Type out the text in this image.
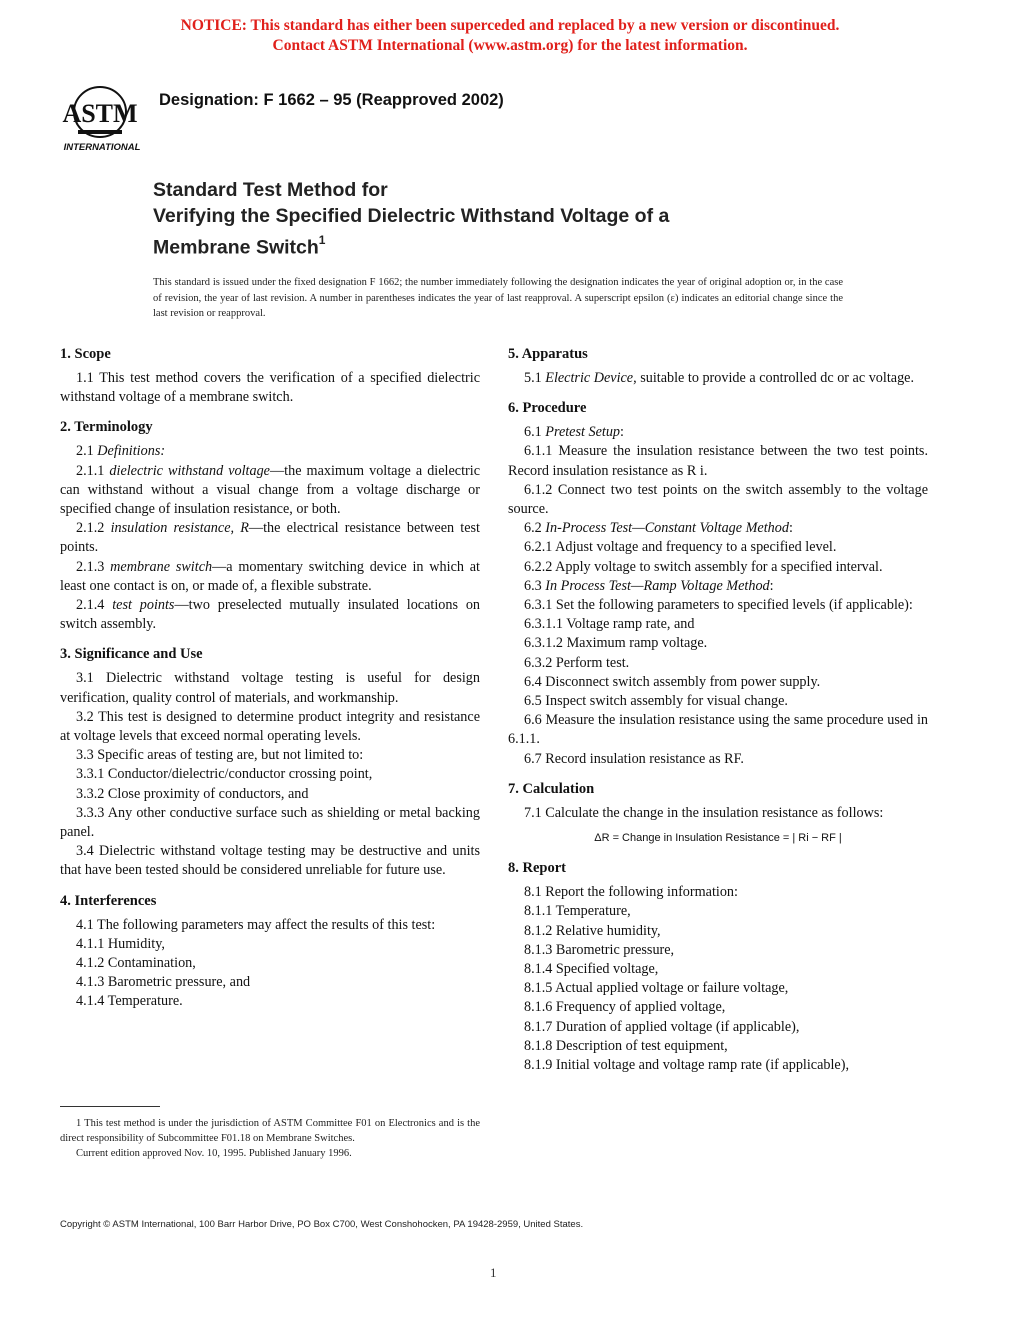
NOTICE: This standard has either been superceded and replaced by a new version or discontinued.
Contact ASTM International (www.astm.org) for the latest information.
ASTM
INTERNATIONAL
Designation: F 1662 – 95 (Reapproved 2002)
Standard Test Method for
Verifying the Specified Dielectric Withstand Voltage of a
Membrane Switch$^1$
This standard is issued under the fixed designation F 1662; the number immediately following the designation indicates the year of original adoption or, in the case of revision, the year of last revision. A number in parentheses indicates the year of last reapproval. A superscript epsilon (ε) indicates an editorial change since the last revision or reapproval.
1. Scope

1.1 This test method covers the verification of a specified dielectric withstand voltage of a membrane switch.

2. Terminology

2.1 Definitions:

2.1.1 dielectric withstand voltage—the maximum voltage a dielectric can withstand without a visual change from a voltage discharge or specified change of insulation resistance, or both.

2.1.2 insulation resistance, R—the electrical resistance between test points.

2.1.3 membrane switch—a momentary switching device in which at least one contact is on, or made of, a flexible substrate.

2.1.4 test points—two preselected mutually insulated locations on switch assembly.

3. Significance and Use

3.1 Dielectric withstand voltage testing is useful for design verification, quality control of materials, and workmanship.

3.2 This test is designed to determine product integrity and resistance at voltage levels that exceed normal operating levels.

3.3 Specific areas of testing are, but not limited to:

3.3.1 Conductor/dielectric/conductor crossing point,

3.3.2 Close proximity of conductors, and

3.3.3 Any other conductive surface such as shielding or metal backing panel.

3.4 Dielectric withstand voltage testing may be destructive and units that have been tested should be considered unreliable for future use.

4. Interferences

4.1 The following parameters may affect the results of this test:

4.1.1 Humidity,

4.1.2 Contamination,

4.1.3 Barometric pressure, and

4.1.4 Temperature.

1 This test method is under the jurisdiction of ASTM Committee F01 on Electronics and is the direct responsibility of Subcommittee F01.18 on Membrane Switches.

Current edition approved Nov. 10, 1995. Published January 1996.

5. Apparatus

5.1 Electric Device, suitable to provide a controlled dc or ac voltage.

6. Procedure

6.1 Pretest Setup:

6.1.1 Measure the insulation resistance between the two test points. Record insulation resistance as R i.

6.1.2 Connect two test points on the switch assembly to the voltage source.

6.2 In-Process Test—Constant Voltage Method:

6.2.1 Adjust voltage and frequency to a specified level.

6.2.2 Apply voltage to switch assembly for a specified interval.

6.3 In Process Test—Ramp Voltage Method:

6.3.1 Set the following parameters to specified levels (if applicable):

6.3.1.1 Voltage ramp rate, and

6.3.1.2 Maximum ramp voltage.

6.3.2 Perform test.

6.4 Disconnect switch assembly from power supply.

6.5 Inspect switch assembly for visual change.

6.6 Measure the insulation resistance using the same procedure used in 6.1.1.

6.7 Record insulation resistance as RF.

7. Calculation

7.1 Calculate the change in the insulation resistance as follows:

ΔR = Change in Insulation Resistance = | Ri − RF |
8. Report

8.1 Report the following information:

8.1.1 Temperature,

8.1.2 Relative humidity,

8.1.3 Barometric pressure,

8.1.4 Specified voltage,

8.1.5 Actual applied voltage or failure voltage,

8.1.6 Frequency of applied voltage,

8.1.7 Duration of applied voltage (if applicable),

8.1.8 Description of test equipment,

8.1.9 Initial voltage and voltage ramp rate (if applicable),

Copyright © ASTM International, 100 Barr Harbor Drive, PO Box C700, West Conshohocken, PA 19428-2959, United States.
1
